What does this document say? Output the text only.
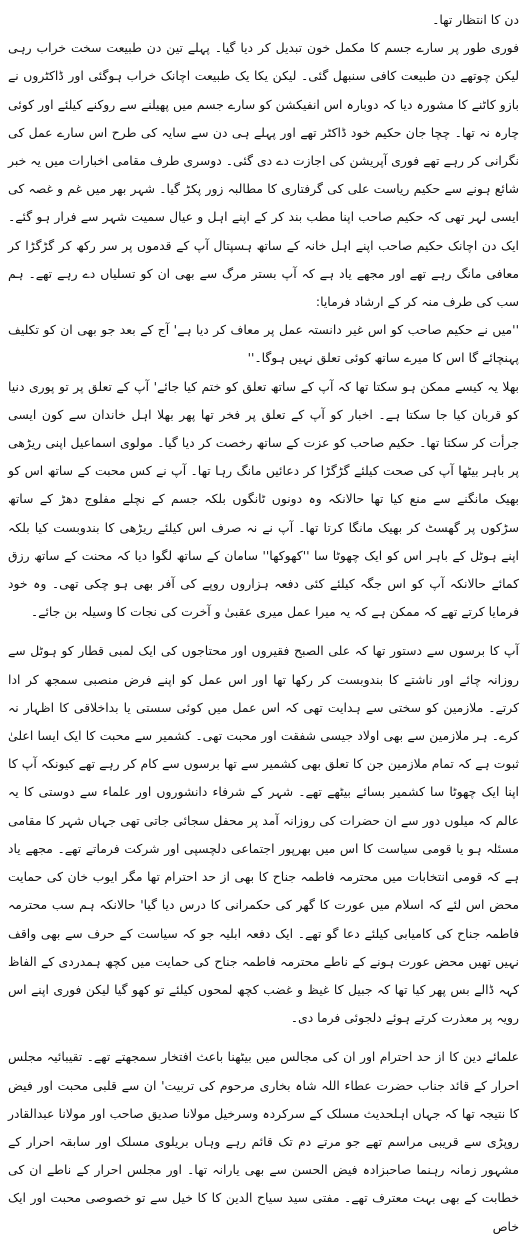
دن کا انتظار تھا۔

فوری طور پر سارے جسم کا مکمل خون تبدیل کر دیا گیا۔ پہلے تین دن طبیعت سخت خراب رہی لیکن چوتھے دن طبیعت کافی سنبھل گئی۔ لیکن یکا یک طبیعت اچانک خراب ہوگئی اور ڈاکٹروں نے بازو کاٹنے کا مشورہ دیا کہ دوبارہ اس انفیکشن کو سارے جسم میں پھیلنے سے روکنے کیلئے اور کوئی چارہ نہ تھا۔ چچا جان حکیم خود ڈاکٹر تھے اور پہلے ہی دن سے سایہ کی طرح اس سارے عمل کی نگرانی کر رہے تھے فوری آپریشن کی اجازت دے دی گئی۔ دوسری طرف مقامی اخبارات میں یہ خبر شائع ہونے سے حکیم ریاست علی کی گرفتاری کا مطالبہ زور پکڑ گیا۔ شہر بھر میں غم و غصہ کی ایسی لہر تھی کہ حکیم صاحب اپنا مطب بند کر کے اپنے اہل و عیال سمیت شہر سے فرار ہو گئے۔ ایک دن اچانک حکیم صاحب اپنے اہل خانہ کے ساتھ ہسپتال آپ کے قدموں پر سر رکھ کر گڑگڑا کر معافی مانگ رہے تھے اور مجھے یاد ہے کہ آپ بستر مرگ سے بھی ان کو تسلیاں دے رہے تھے۔ ہم سب کی طرف منہ کر کے ارشاد فرمایا:

''میں نے حکیم صاحب کو اس غیر دانستہ عمل پر معاف کر دیا ہے' آج کے بعد جو بھی ان کو تکلیف پہنچائے گا اس کا میرے ساتھ کوئی تعلق نہیں ہوگا۔''

بھلا یہ کیسے ممکن ہو سکتا تھا کہ آپ کے ساتھ تعلق کو ختم کیا جائے' آپ کے تعلق پر تو پوری دنیا کو قربان کیا جا سکتا ہے۔ اخبار کو آپ کے تعلق پر فخر تھا پھر بھلا اہل خاندان سے کون ایسی جرأت کر سکتا تھا۔ حکیم صاحب کو عزت کے ساتھ رخصت کر دیا گیا۔ مولوی اسماعیل اپنی ریڑھی پر باہر بیٹھا آپ کی صحت کیلئے گڑگڑا کر دعائیں مانگ رہا تھا۔ آپ نے کس محبت کے ساتھ اس کو بھیک مانگنے سے منع کیا تھا حالانکہ وہ دونوں ٹانگوں بلکہ جسم کے نچلے مفلوج دھڑ کے ساتھ سڑکوں پر گھسٹ کر بھیک مانگا کرتا تھا۔ آپ نے نہ صرف اس کیلئے ریڑھی کا بندوبست کیا بلکہ اپنے ہوٹل کے باہر اس کو ایک چھوٹا سا ''کھوکھا'' سامان کے ساتھ لگوا دیا کہ محنت کے ساتھ رزق کمائے حالانکہ آپ کو اس جگہ کیلئے کئی دفعہ ہزاروں روپے کی آفر بھی ہو چکی تھی۔ وہ خود فرمایا کرتے تھے کہ ممکن ہے کہ یہ میرا عمل میری عقبیٰ و آخرت کی نجات کا وسیلہ بن جائے۔

آپ کا برسوں سے دستور تھا کہ علی الصبح فقیروں اور محتاجوں کی ایک لمبی قطار کو ہوٹل سے روزانہ چائے اور ناشتے کا بندوبست کر رکھا تھا اور اس عمل کو اپنے فرض منصبی سمجھ کر ادا کرتے۔ ملازمین کو سختی سے ہدایت تھی کہ اس عمل میں کوئی سستی یا بداخلاقی کا اظہار نہ کرے۔ ہر ملازمین سے بھی اولاد جیسی شفقت اور محبت تھی۔ کشمیر سے محبت کا ایک ایسا اعلیٰ ثبوت ہے کہ تمام ملازمین جن کا تعلق بھی کشمیر سے تھا برسوں سے کام کر رہے تھے کیونکہ آپ کا اپنا ایک چھوٹا سا کشمیر بسائے بیٹھے تھے۔ شہر کے شرفاء دانشوروں اور علماء سے دوستی کا یہ عالم کہ میلوں دور سے ان حضرات کی روزانہ آمد پر محفل سجائی جاتی تھی جہاں شہر کا مقامی مسئلہ ہو یا قومی سیاست کا اس میں بھرپور اجتماعی دلچسپی اور شرکت فرماتے تھے۔ مجھے یاد ہے کہ قومی انتخابات میں محترمہ فاطمہ جناح کا بھی از حد احترام تھا مگر ایوب خان کی حمایت محض اس لئے کہ اسلام میں عورت کا گھر کی حکمرانی کا درس دیا گیا' حالانکہ ہم سب محترمہ فاطمہ جناح کی کامیابی کیلئے دعا گو تھے۔ ایک دفعہ ابلیہ جو کہ سیاست کے حرف سے بھی واقف نہیں تھیں محض عورت ہونے کے ناطے محترمہ فاطمہ جناح کی حمایت میں کچھ ہمدردی کے الفاظ کہہ ڈالے بس پھر کیا تھا کہ جبیل کا غیظ و غضب کچھ لمحوں کیلئے تو کھو گیا لیکن فوری اپنے اس رویہ پر معذرت کرتے ہوئے دلجوئی فرما دی۔

علمائے دین کا از حد احترام اور ان کی مجالس میں بیٹھنا باعث افتخار سمجھتے تھے۔ تقیبائیہ مجلس احرار کے قائد جناب حضرت عطاء اللہ شاہ بخاری مرحوم کی تربیت' ان سے قلبی محبت اور فیض کا نتیجہ تھا کہ جہاں اہلحدیث مسلک کے سرکردہ وسرخیل مولانا صدیق صاحب اور مولانا عبدالقادر روپڑی سے قریبی مراسم تھے جو مرتے دم تک قائم رہے وہاں بریلوی مسلک اور سابقہ احرار کے مشہور زمانہ رہنما صاحبزادہ فیض الحسن سے بھی یارانہ تھا۔ اور مجلس احرار کے ناطے ان کی خطابت کے بھی بہت معترف تھے۔ مفتی سید سیاح الدین کا کا خیل سے تو خصوصی محبت اور ایک خاص
